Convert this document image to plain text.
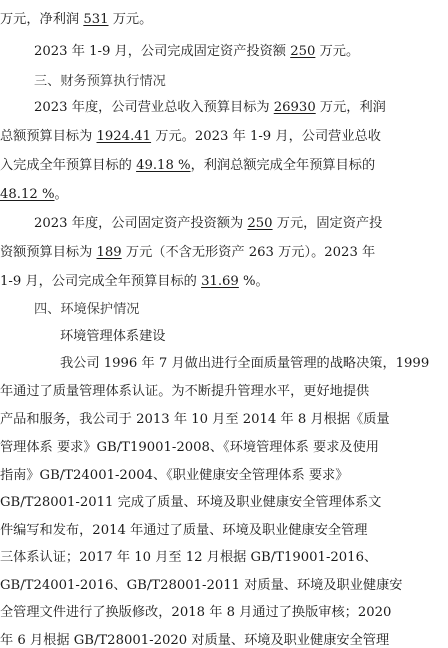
万元，净利润 531 万元。
2023 年 1-9 月，公司完成固定资产投资额 250 万元。
三、财务预算执行情况
2023 年度，公司营业总收入预算目标为 26930 万元，利润
总额预算目标为 1924.41 万元。2023 年 1-9 月，公司营业总收
入完成全年预算目标的 49.18 %，利润总额完成全年预算目标的
48.12 %。
2023 年度，公司固定资产投资额为 250 万元，固定资产投
资额预算目标为 189 万元（不含无形资产 263 万元）。2023 年
1-9 月，公司完成全年预算目标的 31.69 %。
四、环境保护情况
环境管理体系建设
我公司 1996 年 7 月做出进行全面质量管理的战略决策，1999
年通过了质量管理体系认证。为不断提升管理水平，更好地提供
产品和服务，我公司于 2013 年 10 月至 2014 年 8 月根据《质量
管理体系 要求》GB/T19001-2008、《环境管理体系 要求及使用
指南》GB/T24001-2004、《职业健康安全管理体系 要求》
GB/T28001-2011 完成了质量、环境及职业健康安全管理体系文
件编写和发布，2014 年通过了质量、环境及职业健康安全管理
三体系认证；2017 年 10 月至 12 月根据 GB/T19001-2016、
GB/T24001-2016、GB/T28001-2011 对质量、环境及职业健康安
全管理文件进行了换版修改，2018 年 8 月通过了换版审核；2020
年 6 月根据 GB/T28001-2020 对质量、环境及职业健康安全管理
